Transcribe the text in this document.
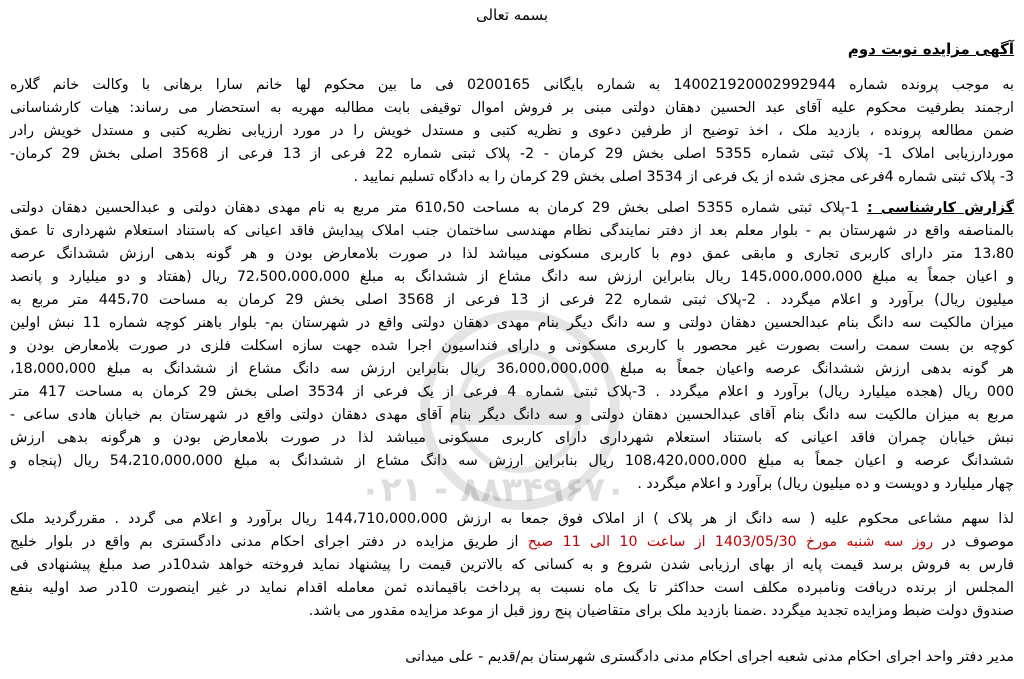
۰۲۱ - ۸۸۳۴۹۶۷۰
بسمه تعالی
آگهی مزایده نوبت دوم
به موجب پرونده شماره 140021920002992944 به شماره بایگانی 0200165 فی ما بین محکوم لها خانم سارا برهانی با وکالت خانم گلاره
ارجمند بطرفیت محکوم علیه آقای عبد الحسین دهقان دولتی مبنی بر فروش اموال توقیفی بابت مطالبه مهریه به استحضار می رساند: هیات کارشناسانی
ضمن مطالعه پرونده ، بازدید ملک ، اخذ توضیح از طرفین دعوی و نظریه کتبی و مستدل خویش را در مورد ارزیابی نظریه کتبی و مستدل خویش رادر
موردارزیابی املاک 1- پلاک ثبتی شماره 5355 اصلی بخش 29 کرمان - 2- پلاک ثبتی شماره 22 فرعی از 13 فرعی از 3568 اصلی بخش 29 کرمان-
3- پلاک ثبتی شماره 4فرعی مجزی شده از یک فرعی از 3534 اصلی بخش 29 کرمان را به دادگاه تسلیم نمایید .
گزارش کارشناسی : 1-پلاک ثبتی شماره 5355 اصلی بخش 29 کرمان به مساحت 610،50 متر مربع به نام مهدی دهقان دولتی و عبدالحسین دهقان دولتی
بالمناصفه واقع در شهرستان بم - بلوار معلم بعد از دفتر نمایندگی نظام مهندسی ساختمان جنب املاک پیدایش فاقد اعیانی که باستناد استعلام شهرداری تا عمق
13،80 متر دارای کاربری تجاری و مابقی عمق دوم با کاربری مسکونی میباشد لذا در صورت بلامعارض بودن و هر گونه بدهی ارزش ششدانگ عرصه
و اعیان جمعاً به مبلغ 145،000،000،000 ریال بنابراین ارزش سه دانگ مشاع از ششدانگ به مبلغ 72،500،000،000 ریال (هفتاد و دو میلیارد و پانصد
میلیون ریال) برآورد و اعلام میگردد . 2-پلاک ثبتی شماره 22 فرعی از 13 فرعی از 3568 اصلی بخش 29 کرمان به مساحت 445،70 متر مربع به
میزان مالکیت سه دانگ بنام عبدالحسین دهقان دولتی و سه دانگ دیگر بنام مهدی دهقان دولتی واقع در شهرستان بم- بلوار باهنر کوچه شماره 11 نبش اولین
کوچه بن بست سمت راست بصورت غیر محصور با کاربری مسکونی و دارای فنداسیون اجرا شده جهت سازه اسکلت فلزی در صورت بلامعارض بودن و
هر گونه بدهی ارزش ششدانگ عرصه واعیان جمعاً به مبلغ 36،000،000،000 ریال بنابراین ارزش سه دانگ مشاع از ششدانگ به مبلغ 18،000،000،
000 ریال (هجده میلیارد ریال) برآورد و اعلام میگردد . 3-پلاک ثبتی شماره 4 فرعی از یک فرعی از 3534 اصلی بخش 29 کرمان به مساحت 417 متر
مربع به میزان مالکیت سه دانگ بنام آقای عبدالحسین دهقان دولتی و سه دانگ دیگر بنام آقای مهدی دهقان دولتی واقع در شهرستان بم خیابان هادی ساعی -
نبش خیابان چمران فاقد اعیانی که باستناد استعلام شهرداری دارای کاربری مسکونی میباشد لذا در صورت بلامعارض بودن و هرگونه بدهی ارزش
ششدانگ عرصه و اعیان جمعاً به مبلغ 108،420،000،000 ریال بنابراین ارزش سه دانگ مشاع از ششدانگ به مبلغ 54،210،000،000 ریال (پنجاه و
چهار میلیارد و دویست و ده میلیون ریال) برآورد و اعلام میگردد .
لذا سهم مشاعی محکوم علیه ( سه دانگ از هر پلاک ) از املاک فوق جمعا به ارزش 144،710،000،000 ریال برآورد و اعلام می گردد . مقررگردید ملک
موصوف در روز سه شنبه مورخ 1403/05/30 از ساعت 10 الی 11 صبح از طریق مزایده در دفتر اجرای احکام مدنی دادگستری بم واقع در بلوار خلیج
فارس به فروش برسد قیمت پایه از بهای ارزیابی شدن شروع و به کسانی که بالاترین قیمت را پیشنهاد نماید فروخته خواهد شد10در صد مبلغ پیشنهادی فی
المجلس از برنده دریافت ونامبرده مکلف است حداکثر تا یک ماه نسبت به پرداخت باقیمانده ثمن معامله اقدام نماید در غیر اینصورت 10در صد اولیه بنفع
صندوق دولت ضبط ومزایده تجدید میگردد .ضمنا بازدید ملک برای متقاضیان پنج روز قبل از موعد مزایده مقدور می باشد.
مدیر دفتر واحد اجرای احکام مدنی شعبه اجرای احکام مدنی دادگستری شهرستان بم/قدیم - علی میدانی
